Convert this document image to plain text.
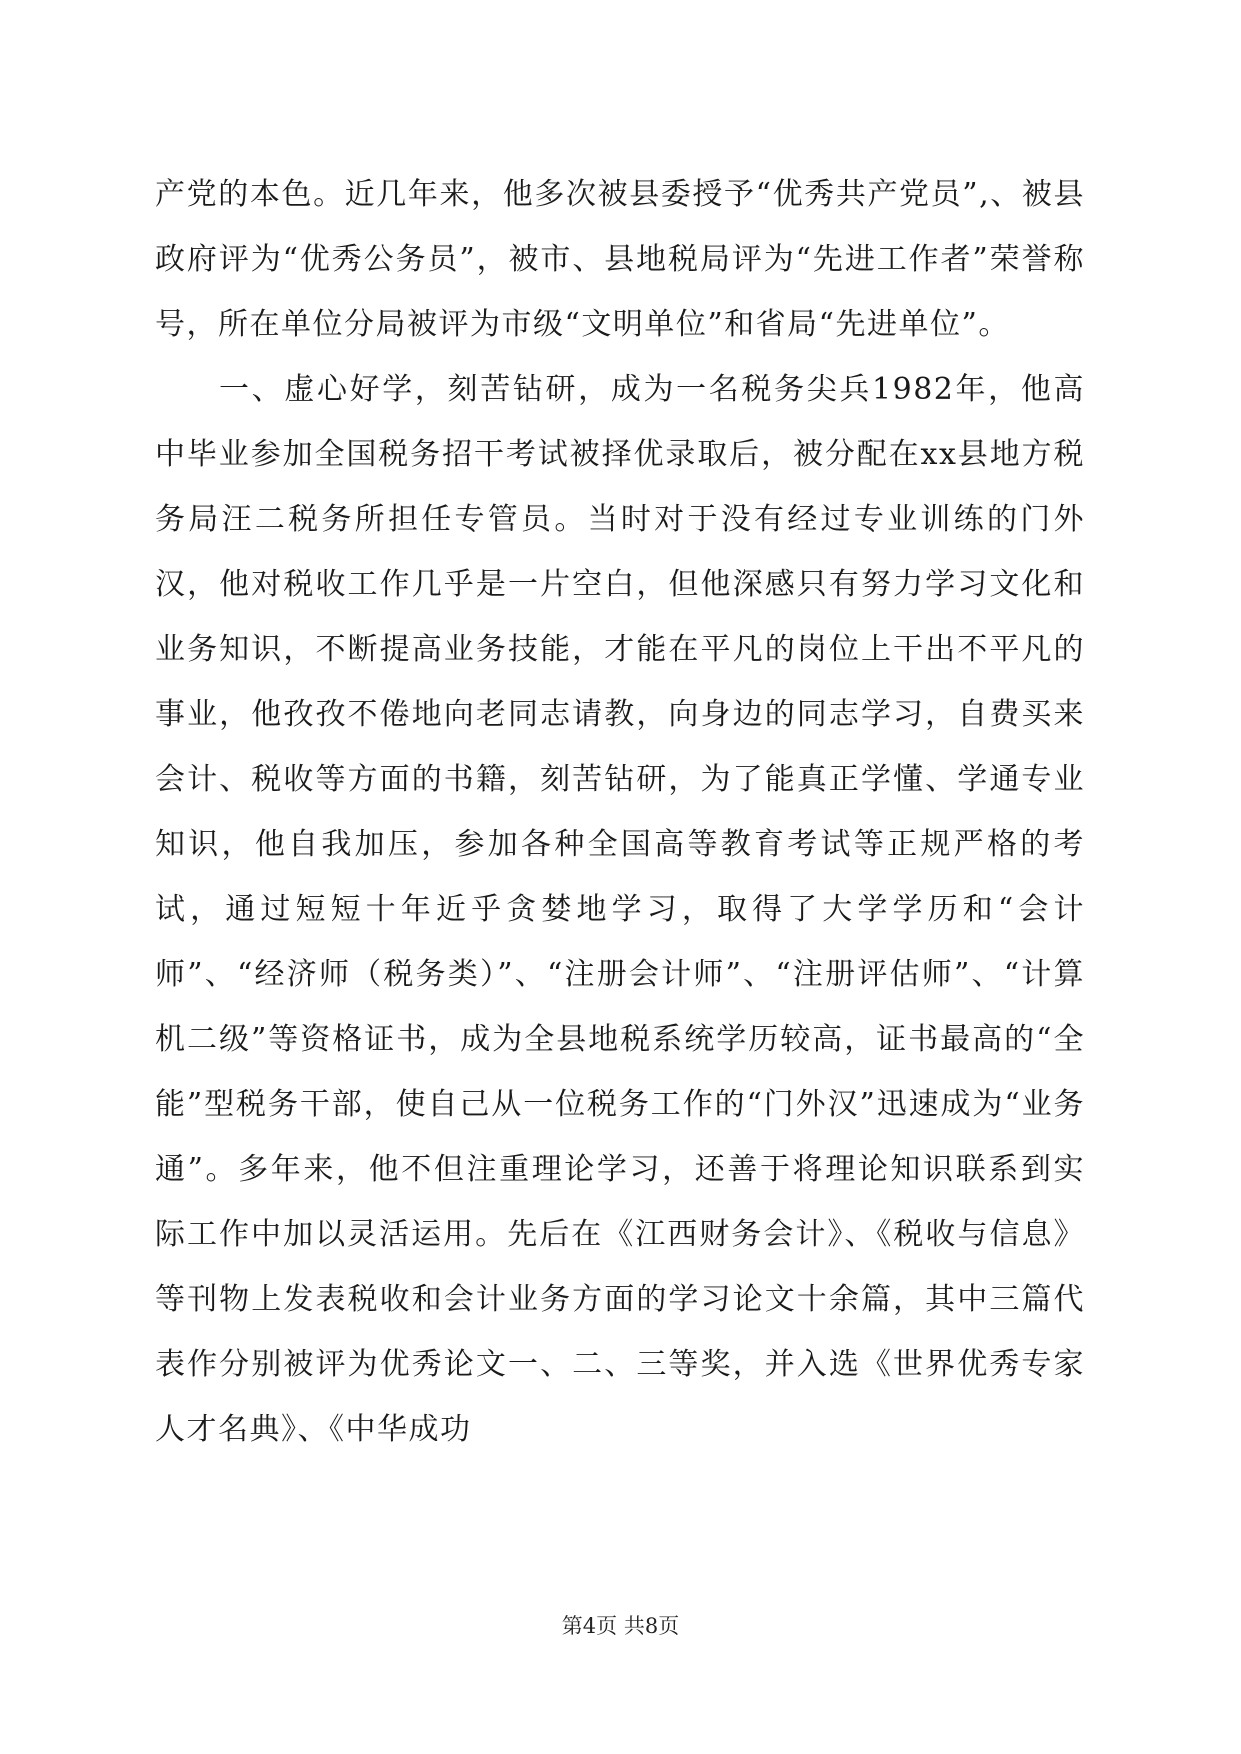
产党的本色。近几年来，他多次被县委授予“优秀共产党员”,、被县政府评为“优秀公务员”，被市、县地税局评为“先进工作者”荣誉称号，所在单位分局被评为市级“文明单位”和省局“先进单位”。

一、虚心好学，刻苦钻研，成为一名税务尖兵1982年，他高中毕业参加全国税务招干考试被择优录取后，被分配在xx县地方税务局汪二税务所担任专管员。当时对于没有经过专业训练的门外汉，他对税收工作几乎是一片空白，但他深感只有努力学习文化和业务知识，不断提高业务技能，才能在平凡的岗位上干出不平凡的事业，他孜孜不倦地向老同志请教，向身边的同志学习，自费买来会计、税收等方面的书籍，刻苦钻研，为了能真正学懂、学通专业知识，他自我加压，参加各种全国高等教育考试等正规严格的考试，通过短短十年近乎贪婪地学习，取得了大学学历和“会计师”、“经济师（税务类）”、“注册会计师”、“注册评估师”、“计算机二级”等资格证书，成为全县地税系统学历较高，证书最高的“全能”型税务干部，使自己从一位税务工作的“门外汉”迅速成为“业务通”。多年来，他不但注重理论学习，还善于将理论知识联系到实际工作中加以灵活运用。先后在《江西财务会计》、《税收与信息》等刊物上发表税收和会计业务方面的学习论文十余篇，其中三篇代表作分别被评为优秀论文一、二、三等奖，并入选《世界优秀专家人才名典》、《中华成功

第4页 共8页
